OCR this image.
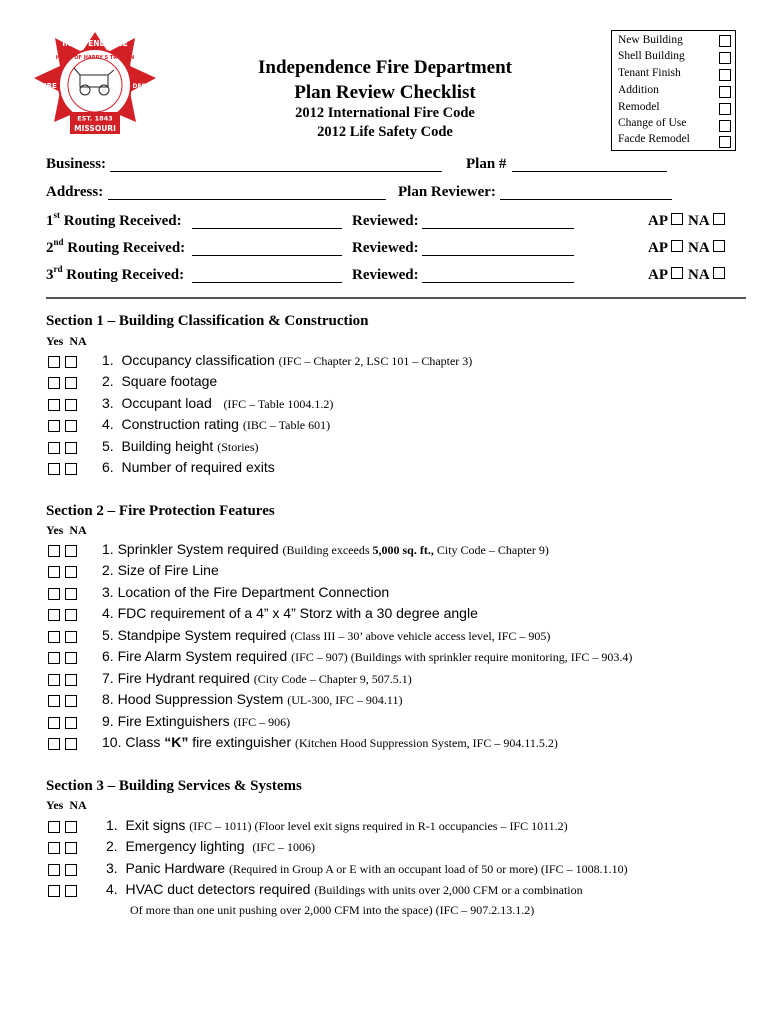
EST. 1843
MISSOURI
INDEPENDENCE
HOME OF HARRY S TRUMAN
FIRE	DEPT.
Independence Fire Department
Plan Review Checklist
2012 International Fire Code
2012 Life Safety Code
New Building
Shell Building
Tenant Finish
Addition
Remodel
Change of Use
Facde Remodel
Business:	Plan #
Address:	Plan Reviewer:
1st Routing Received:	Reviewed:	AP NA
2nd Routing Received:	Reviewed:	AP NA
3rd Routing Received:	Reviewed:	AP NA
Section 1 – Building Classification & Construction
Yes NA
1. Occupancy classification (IFC – Chapter 2, LSC 101 – Chapter 3)
2. Square footage
3. Occupant load (IFC – Table 1004.1.2)
4. Construction rating (IBC – Table 601)
5. Building height (Stories)
6. Number of required exits
Section 2 – Fire Protection Features
Yes NA
1. Sprinkler System required (Building exceeds 5,000 sq. ft., City Code – Chapter 9)
2. Size of Fire Line
3. Location of the Fire Department Connection
4. FDC requirement of a 4” x 4” Storz with a 30 degree angle
5. Standpipe System required (Class III – 30’ above vehicle access level, IFC – 905)
6. Fire Alarm System required (IFC – 907) (Buildings with sprinkler require monitoring, IFC – 903.4)
7. Fire Hydrant required (City Code – Chapter 9, 507.5.1)
8. Hood Suppression System (UL-300, IFC – 904.11)
9. Fire Extinguishers (IFC – 906)
10. Class “K” fire extinguisher (Kitchen Hood Suppression System, IFC – 904.11.5.2)
Section 3 – Building Services & Systems
Yes NA
1. Exit signs (IFC – 1011) (Floor level exit signs required in R-1 occupancies – IFC 1011.2)
2. Emergency lighting (IFC – 1006)
3. Panic Hardware (Required in Group A or E with an occupant load of 50 or more) (IFC – 1008.1.10)
4. HVAC duct detectors required (Buildings with units over 2,000 CFM or a combination
Of more than one unit pushing over 2,000 CFM into the space) (IFC – 907.2.13.1.2)
